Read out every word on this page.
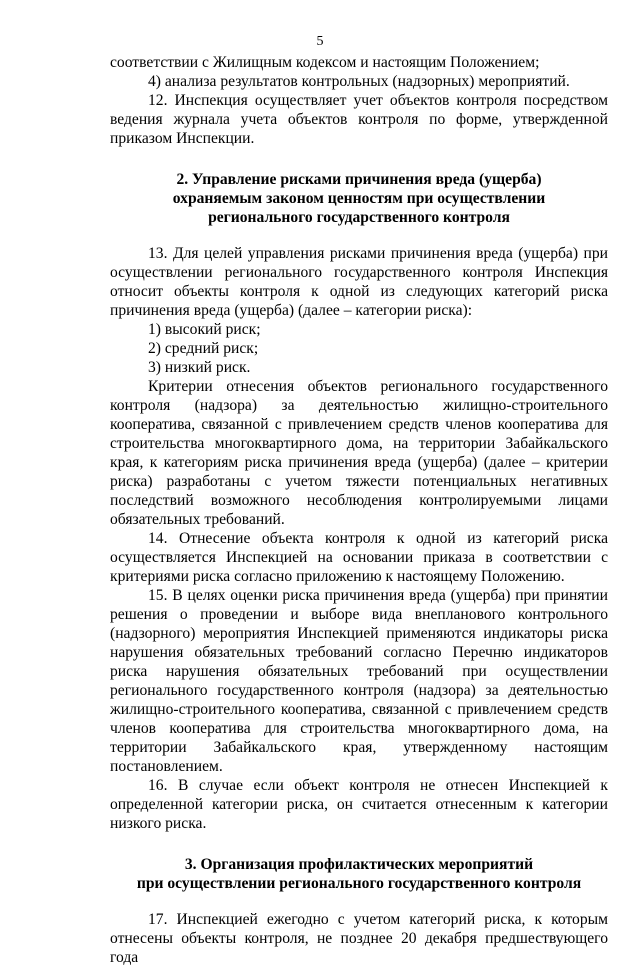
5

соответствии с Жилищным кодексом и настоящим Положением;

4) анализа результатов контрольных (надзорных) мероприятий.

12. Инспекция осуществляет учет объектов контроля посредством ведения журнала учета объектов контроля по форме, утвержденной приказом Инспекции.

2. Управление рисками причинения вреда (ущерба)
охраняемым законом ценностям при осуществлении
регионального государственного контроля

13. Для целей управления рисками причинения вреда (ущерба) при осуществлении регионального государственного контроля Инспекция относит объекты контроля к одной из следующих категорий риска причинения вреда (ущерба) (далее – категории риска):

1) высокий риск;

2) средний риск;

3) низкий риск.

Критерии отнесения объектов регионального государственного контроля (надзора) за деятельностью жилищно-строительного кооператива, связанной с привлечением средств членов кооператива для строительства многоквартирного дома, на территории Забайкальского края, к категориям риска причинения вреда (ущерба) (далее – критерии риска) разработаны с учетом тяжести потенциальных негативных последствий возможного несоблюдения контролируемыми лицами обязательных требований.

14. Отнесение объекта контроля к одной из категорий риска осуществляется Инспекцией на основании приказа в соответствии с критериями риска согласно приложению к настоящему Положению.

15. В целях оценки риска причинения вреда (ущерба) при принятии решения о проведении и выборе вида внепланового контрольного (надзорного) мероприятия Инспекцией применяются индикаторы риска нарушения обязательных требований согласно Перечню индикаторов риска нарушения обязательных требований при осуществлении регионального государственного контроля (надзора) за деятельностью жилищно-строительного кооператива, связанной с привлечением средств членов кооператива для строительства многоквартирного дома, на территории Забайкальского края, утвержденному настоящим постановлением.

16. В случае если объект контроля не отнесен Инспекцией к определенной категории риска, он считается отнесенным к категории низкого риска.

3. Организация профилактических мероприятий
при осуществлении регионального государственного контроля

17. Инспекцией ежегодно с учетом категорий риска, к которым отнесены объекты контроля, не позднее 20 декабря предшествующего года
